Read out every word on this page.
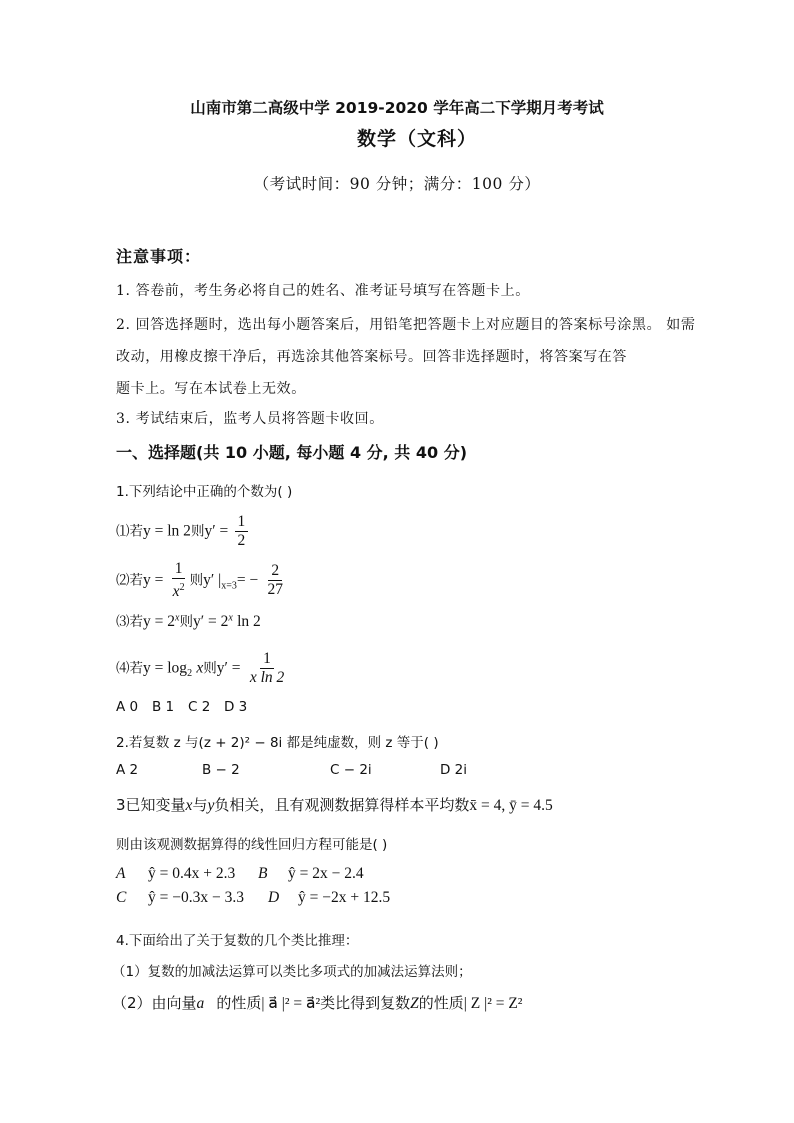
山南市第二高级中学 2019-2020 学年高二下学期月考考试
数学（文科）
（考试时间：90 分钟；满分：100 分）
注意事项：
1. 答卷前，考生务必将自己的姓名、准考证号填写在答题卡上。
2. 回答选择题时，选出每小题答案后，用铅笔把答题卡上对应题目的答案标号涂黑。 如需
改动，用橡皮擦干净后，再选涂其他答案标号。回答非选择题时，将答案写在答
题卡上。写在本试卷上无效。
3. 考试结束后，监考人员将答题卡收回。
一、选择题(共 10 小题, 每小题 4 分, 共 40 分)
1.下列结论中正确的个数为( )
⑴若y = ln 2则$y' = \frac{1}{2}$
⑵若$y = \frac{1}{x^2}$ 则y′ $|_{x=3}= - \frac{2}{27}$
⑶若$y = 2^x$则$y' = 2^x$ ln 2
⑷若$y = \log_2 x$则$y' = \frac{1}{\text{x ln 2}}$
A 0 B 1 C 2 D 3
2.若复数 z 与(z + 2)² − 8i 都是纯虚数，则 z 等于( )
A 2	B − 2	C − 2i	D 2i
3已知变量x与y负相关，且有观测数据算得样本平均数x̄ = 4, ȳ = 4.5
则由该观测数据算得的线性回归方程可能是( )
A ŷ = 0.4x + 2.3 B ŷ = 2x − 2.4
C ŷ = −0.3x − 3.3 D ŷ = −2x + 12.5
4.下面给出了关于复数的几个类比推理：
（1）复数的加减法运算可以类比多项式的加减法运算法则；
（2）由向量a⃗的性质| a⃗ |² = a⃗²类比得到复数Z的性质| Z |² = Z²
